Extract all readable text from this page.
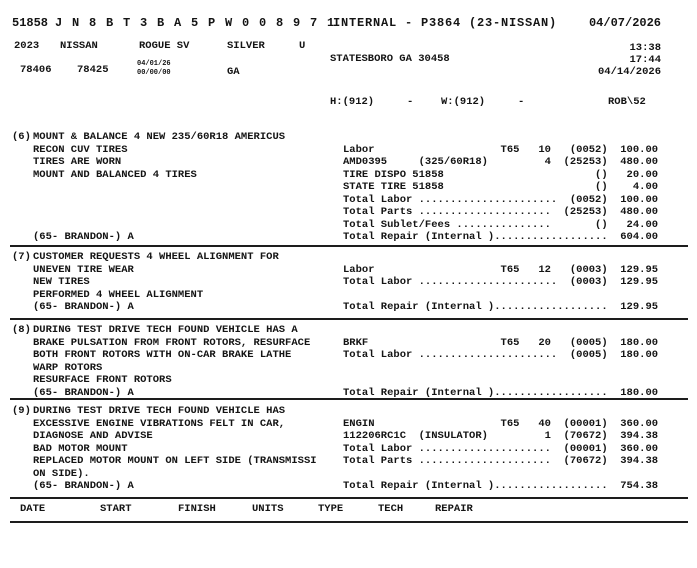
51858 J N 8 B T 3 B A 5 P W 0 0 8 9 7 1
INTERNAL - P3864 (23-NISSAN)	04/07/2026
2023 NISSAN	ROGUE SV	SILVER	U	13:38
STATESBORO GA 30458	17:44
78406 78425	04/01/26
00/00/00	GA	04/14/2026
H:(912)	-	W:(912)	-	ROB\52
(6) MOUNT & BALANCE 4 NEW 235/60R18 AMERICUS
RECON CUV TIRES
TIRES ARE WORN
MOUNT AND BALANCED 4 TIRES
(65- BRANDON-) A
Labor                    T65   10   (0052)  100.00
AMD0395     (325/60R18)         4  (25253)  480.00
TIRE DISPO 51858                        ()   20.00
STATE TIRE 51858                        ()    4.00
Total Labor ......................  (0052)  100.00
Total Parts .....................  (25253)  480.00
Total Sublet/Fees ...............       ()   24.00
Total Repair (Internal )..................  604.00
(7) CUSTOMER REQUESTS 4 WHEEL ALIGNMENT FOR
UNEVEN TIRE WEAR
NEW TIRES
PERFORMED 4 WHEEL ALIGNMENT
(65- BRANDON-) A
Labor                    T65   12   (0003)  129.95
Total Labor ......................  (0003)  129.95
Total Repair (Internal )..................  129.95
(8) DURING TEST DRIVE TECH FOUND VEHICLE HAS A
BRAKE PULSATION FROM FRONT ROTORS, RESURFACE
BOTH FRONT ROTORS WITH ON-CAR BRAKE LATHE
WARP ROTORS
RESURFACE FRONT ROTORS
(65- BRANDON-) A
BRKF                     T65   20   (0005)  180.00
Total Labor ......................  (0005)  180.00
Total Repair (Internal )..................  180.00
(9) DURING TEST DRIVE TECH FOUND VEHICLE HAS
EXCESSIVE ENGINE VIBRATIONS FELT IN CAR,
DIAGNOSE AND ADVISE
BAD MOTOR MOUNT
REPLACED MOTOR MOUNT ON LEFT SIDE (TRANSMISSI
ON SIDE).
(65- BRANDON-) A
ENGIN                    T65   40  (00001)  360.00
112206RC1C  (INSULATOR)         1  (70672)  394.38
Total Labor .....................  (00001)  360.00
Total Parts .....................  (70672)  394.38
Total Repair (Internal )..................  754.38
DATE	START	FINISH	UNITS	TYPE	TECH	REPAIR
